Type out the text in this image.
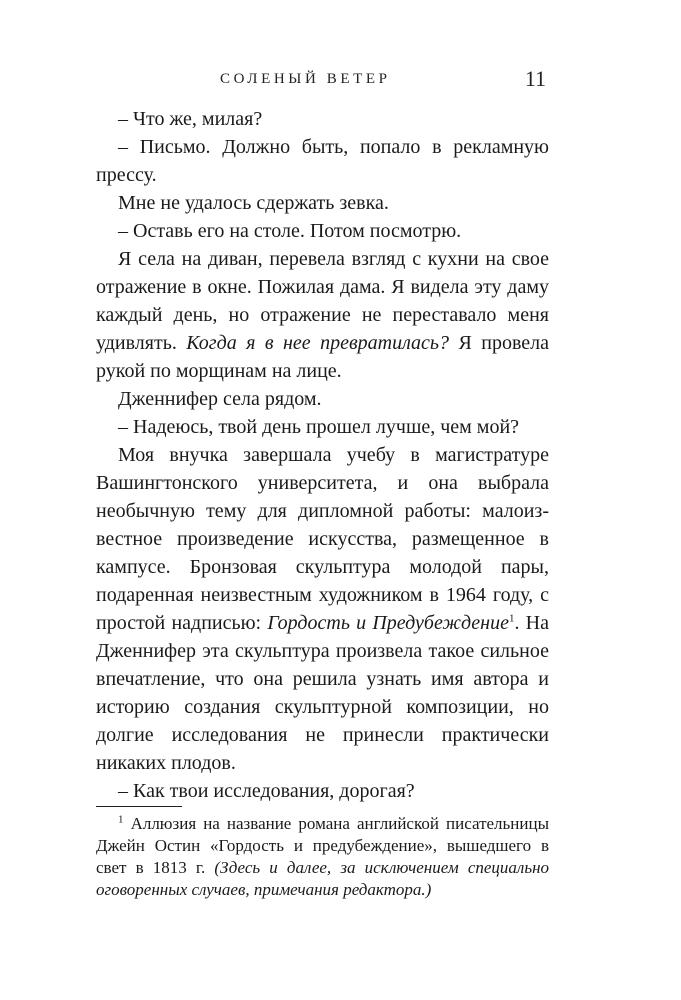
СОЛЕНЫЙ ВЕТЕР	11

– Что же, милая?

– Письмо. Должно быть, попало в рекламную прессу.

Мне не удалось сдержать зевка.

– Оставь его на столе. Потом посмотрю.

Я села на диван, перевела взгляд с кухни на свое отражение в окне. Пожилая дама. Я видела эту даму каждый день, но отражение не переставало меня удивлять. Когда я в нее превратилась? Я провела рукой по морщинам на лице.

Дженнифер села рядом.

– Надеюсь, твой день прошел лучше, чем мой?

Моя внучка завершала учебу в магистратуре Вашингтонского университета, и она выбрала необычную тему для дипломной работы: малоизвестное произведение искусства, размещенное в кампусе. Бронзовая скульптура молодой пары, подаренная неизвестным художником в 1964 году, с простой надписью: Гордость и Предубеждение$^1$. На Дженнифер эта скульптура произвела такое сильное впечатление, что она решила узнать имя автора и историю создания скульптурной композиции, но долгие исследования не принесли практически никаких плодов.

– Как твои исследования, дорогая?

$^1$ Аллюзия на название романа английской писательницы Джейн Остин «Гордость и предубеждение», вышедшего в свет в 1813 г. (Здесь и далее, за исключением специально оговоренных случаев, примечания редактора.)
